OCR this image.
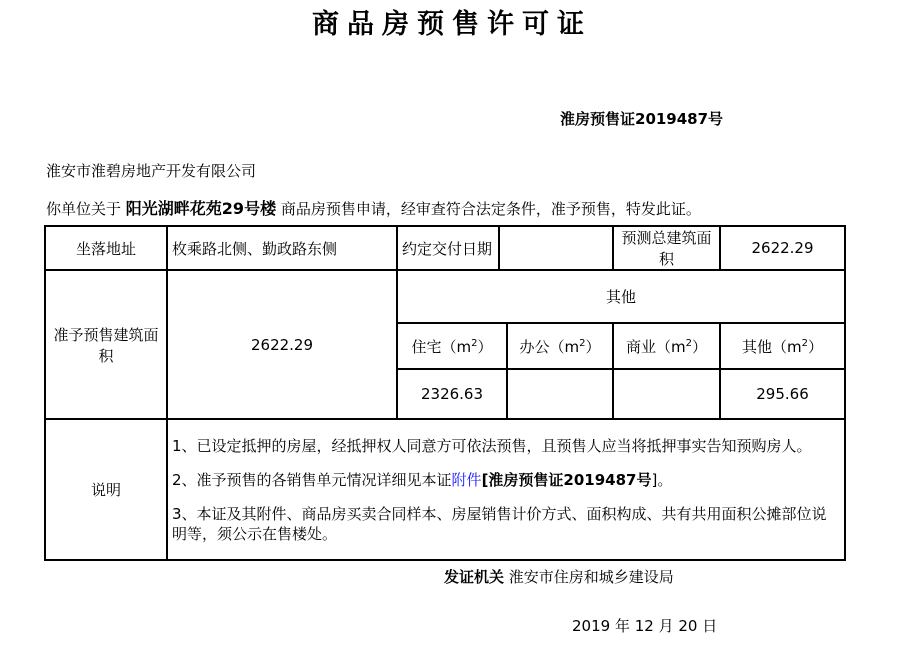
商品房预售许可证
淮房预售证2019487号
淮安市淮碧房地产开发有限公司
你单位关于 阳光湖畔花苑29号楼 商品房预售申请，经审查符合法定条件，准予预售，特发此证。
坐落地址	枚乘路北侧、勤政路东侧	约定交付日期			预测总建筑面积	2622.29
准予预售建筑面积	2622.29	其他				
		住宅$(m^2)$		办公$(m^2)$	商业$(m^2)$	其他$(m^2)$
		2326.63				295.66
说明	1、已设定抵押的房屋，经抵押权人同意方可依法预售，且预售人应当将抵押事实告知预购房人。

2、准予预售的各销售单元情况详细见本证附件[淮房预售证2019487号]。

3、本证及其附件、商品房买卖合同样本、房屋销售计价方式、面积构成、共有共用面积公摊部位说明等，须公示在售楼处。					

发证机关 淮安市住房和城乡建设局
2019 年 12 月 20 日
